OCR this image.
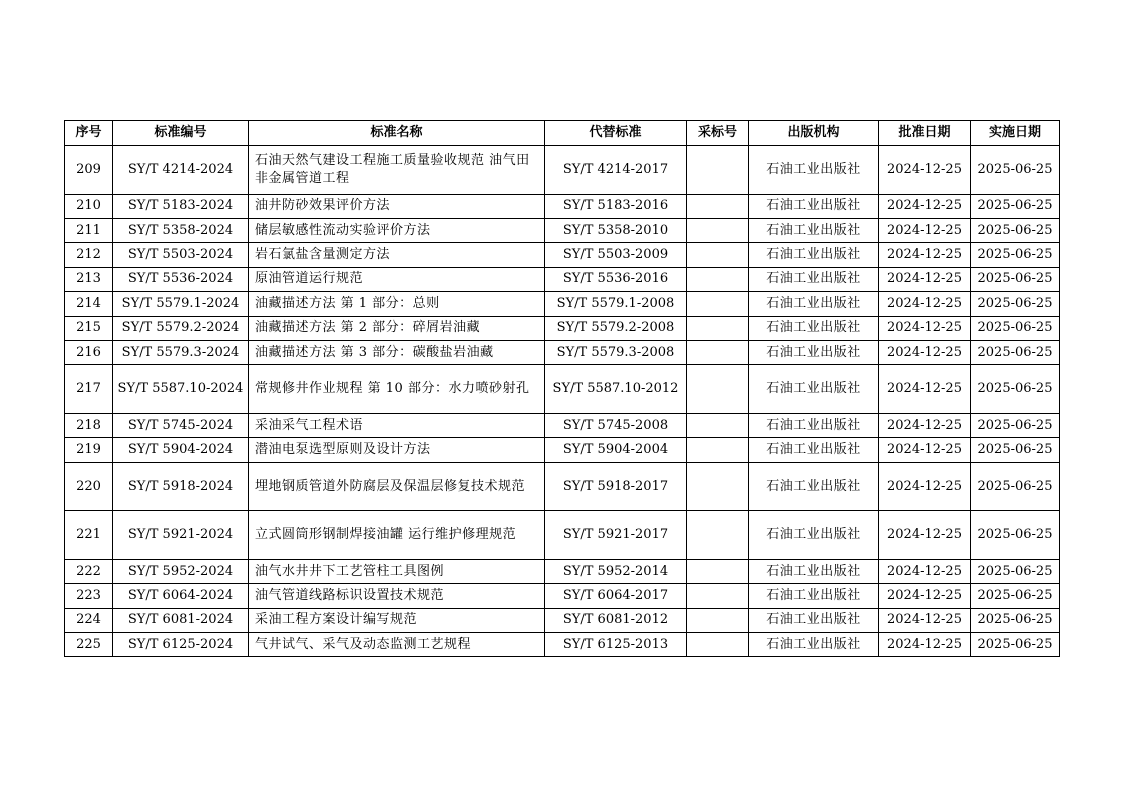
序号	标准编号	标准名称	代替标准	采标号	出版机构	批准日期	实施日期
209	SY/T 4214-2024	石油天然气建设工程施工质量验收规范 油气田非金属管道工程	SY/T 4214-2017		石油工业出版社	2024-12-25	2025-06-25
210	SY/T 5183-2024	油井防砂效果评价方法	SY/T 5183-2016		石油工业出版社	2024-12-25	2025-06-25
211	SY/T 5358-2024	储层敏感性流动实验评价方法	SY/T 5358-2010		石油工业出版社	2024-12-25	2025-06-25
212	SY/T 5503-2024	岩石氯盐含量测定方法	SY/T 5503-2009		石油工业出版社	2024-12-25	2025-06-25
213	SY/T 5536-2024	原油管道运行规范	SY/T 5536-2016		石油工业出版社	2024-12-25	2025-06-25
214	SY/T 5579.1-2024	油藏描述方法 第 1 部分：总则	SY/T 5579.1-2008		石油工业出版社	2024-12-25	2025-06-25
215	SY/T 5579.2-2024	油藏描述方法 第 2 部分：碎屑岩油藏	SY/T 5579.2-2008		石油工业出版社	2024-12-25	2025-06-25
216	SY/T 5579.3-2024	油藏描述方法 第 3 部分：碳酸盐岩油藏	SY/T 5579.3-2008		石油工业出版社	2024-12-25	2025-06-25
217	SY/T 5587.10-2024	常规修井作业规程 第 10 部分：水力喷砂射孔	SY/T 5587.10-2012		石油工业出版社	2024-12-25	2025-06-25
218	SY/T 5745-2024	采油采气工程术语	SY/T 5745-2008		石油工业出版社	2024-12-25	2025-06-25
219	SY/T 5904-2024	潜油电泵选型原则及设计方法	SY/T 5904-2004		石油工业出版社	2024-12-25	2025-06-25
220	SY/T 5918-2024	埋地钢质管道外防腐层及保温层修复技术规范	SY/T 5918-2017		石油工业出版社	2024-12-25	2025-06-25
221	SY/T 5921-2024	立式圆筒形钢制焊接油罐 运行维护修理规范	SY/T 5921-2017		石油工业出版社	2024-12-25	2025-06-25
222	SY/T 5952-2024	油气水井井下工艺管柱工具图例	SY/T 5952-2014		石油工业出版社	2024-12-25	2025-06-25
223	SY/T 6064-2024	油气管道线路标识设置技术规范	SY/T 6064-2017		石油工业出版社	2024-12-25	2025-06-25
224	SY/T 6081-2024	采油工程方案设计编写规范	SY/T 6081-2012		石油工业出版社	2024-12-25	2025-06-25
225	SY/T 6125-2024	气井试气、采气及动态监测工艺规程	SY/T 6125-2013		石油工业出版社	2024-12-25	2025-06-25
